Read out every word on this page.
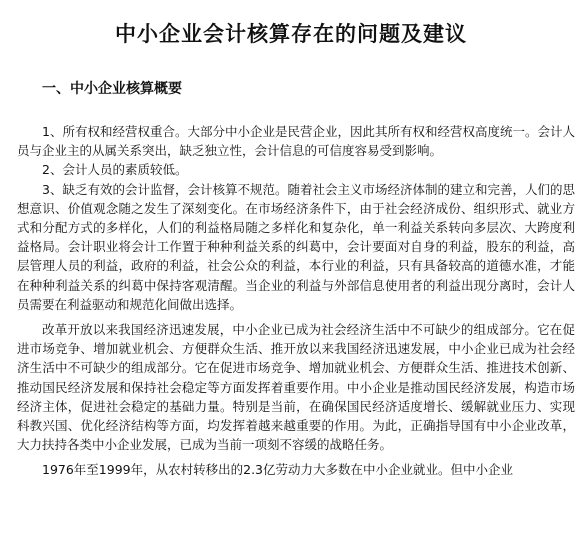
中小企业会计核算存在的问题及建议
一、中小企业核算概要

1、所有权和经营权重合。大部分中小企业是民营企业，因此其所有权和经营权高度统一。会计人员与企业主的从属关系突出，缺乏独立性，会计信息的可信度容易受到影响。

2、会计人员的素质较低。

3、缺乏有效的会计监督，会计核算不规范。随着社会主义市场经济体制的建立和完善，人们的思想意识、价值观念随之发生了深刻变化。在市场经济条件下，由于社会经济成份、组织形式、就业方式和分配方式的多样化，人们的利益格局随之多样化和复杂化，单一利益关系转向多层次、大跨度利益格局。会计职业将会计工作置于种种利益关系的纠葛中，会计要面对自身的利益，股东的利益，高层管理人员的利益，政府的利益，社会公众的利益，本行业的利益，只有具备较高的道德水准，才能在种种利益关系的纠葛中保持客观清醒。当企业的利益与外部信息使用者的利益出现分离时，会计人员需要在利益驱动和规范化间做出选择。

改革开放以来我国经济迅速发展，中小企业已成为社会经济生活中不可缺少的组成部分。它在促进市场竞争、增加就业机会、方便群众生活、推开放以来我国经济迅速发展，中小企业已成为社会经济生活中不可缺少的组成部分。它在促进市场竞争、增加就业机会、方便群众生活、推进技术创新、推动国民经济发展和保持社会稳定等方面发挥着重要作用。中小企业是推动国民经济发展，构造市场经济主体，促进社会稳定的基础力量。特别是当前，在确保国民经济适度增长、缓解就业压力、实现科教兴国、优化经济结构等方面，均发挥着越来越重要的作用。为此，正确指导国有中小企业改革，大力扶持各类中小企业发展，已成为当前一项刻不容缓的战略任务。

1976年至1999年，从农村转移出的2.3亿劳动力大多数在中小企业就业。但中小企业
